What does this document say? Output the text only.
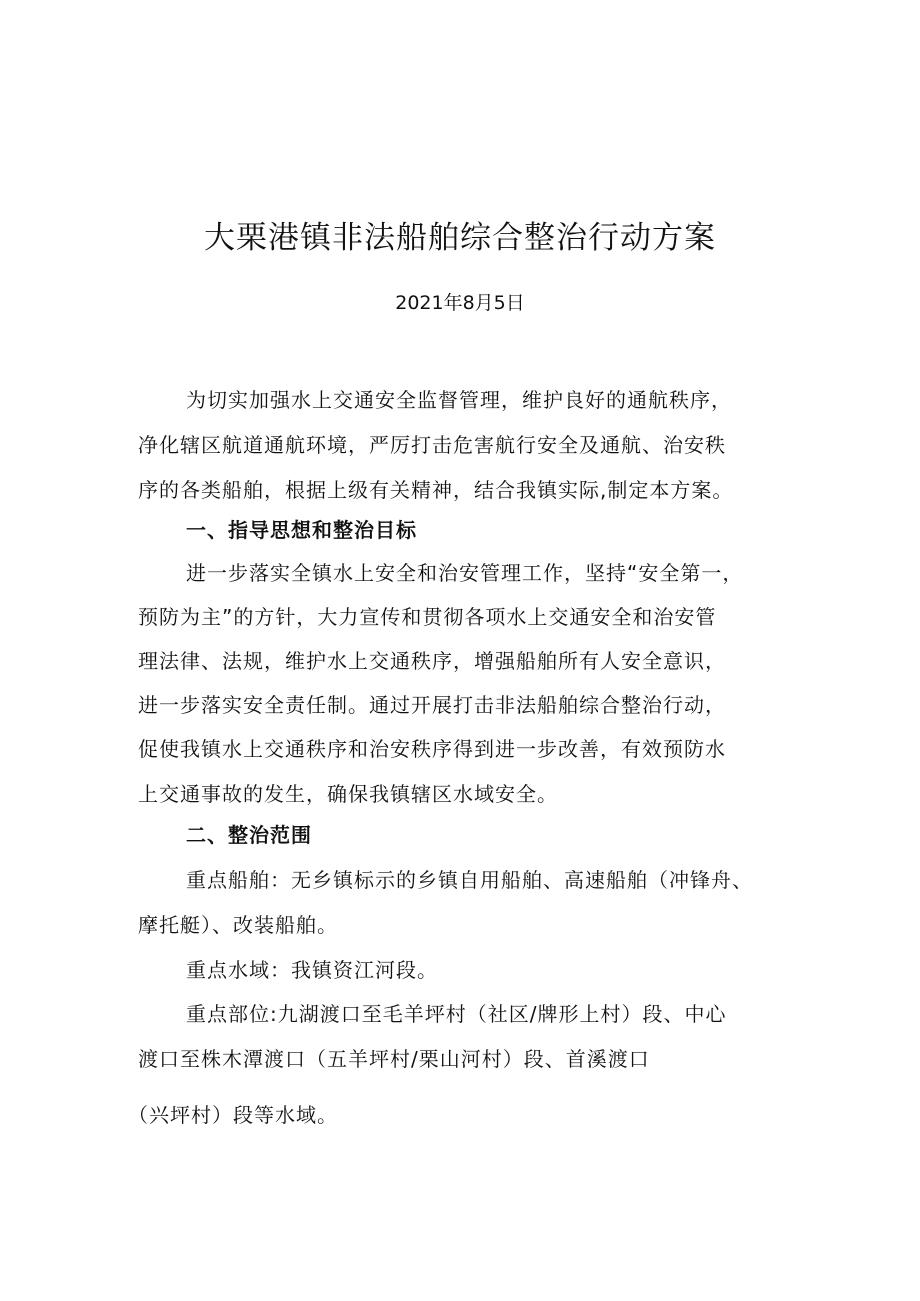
大栗港镇非法船舶综合整治行动方案
2021年8月5日
为切实加强水上交通安全监督管理，维护良好的通航秩序，
净化辖区航道通航环境，严厉打击危害航行安全及通航、治安秩
序的各类船舶，根据上级有关精神，结合我镇实际,制定本方案。
一、指导思想和整治目标
进一步落实全镇水上安全和治安管理工作，坚持“安全第一，
预防为主”的方针，大力宣传和贯彻各项水上交通安全和治安管
理法律、法规，维护水上交通秩序，增强船舶所有人安全意识，
进一步落实安全责任制。通过开展打击非法船舶综合整治行动，
促使我镇水上交通秩序和治安秩序得到进一步改善，有效预防水
上交通事故的发生，确保我镇辖区水域安全。
二、整治范围
重点船舶：无乡镇标示的乡镇自用船舶、高速船舶（冲锋舟、
摩托艇）、改装船舶。
重点水域：我镇资江河段。
重点部位:九湖渡口至毛羊坪村（社区/牌形上村）段、中心
渡口至株木潭渡口（五羊坪村/栗山河村）段、首溪渡口
（兴坪村）段等水域。
